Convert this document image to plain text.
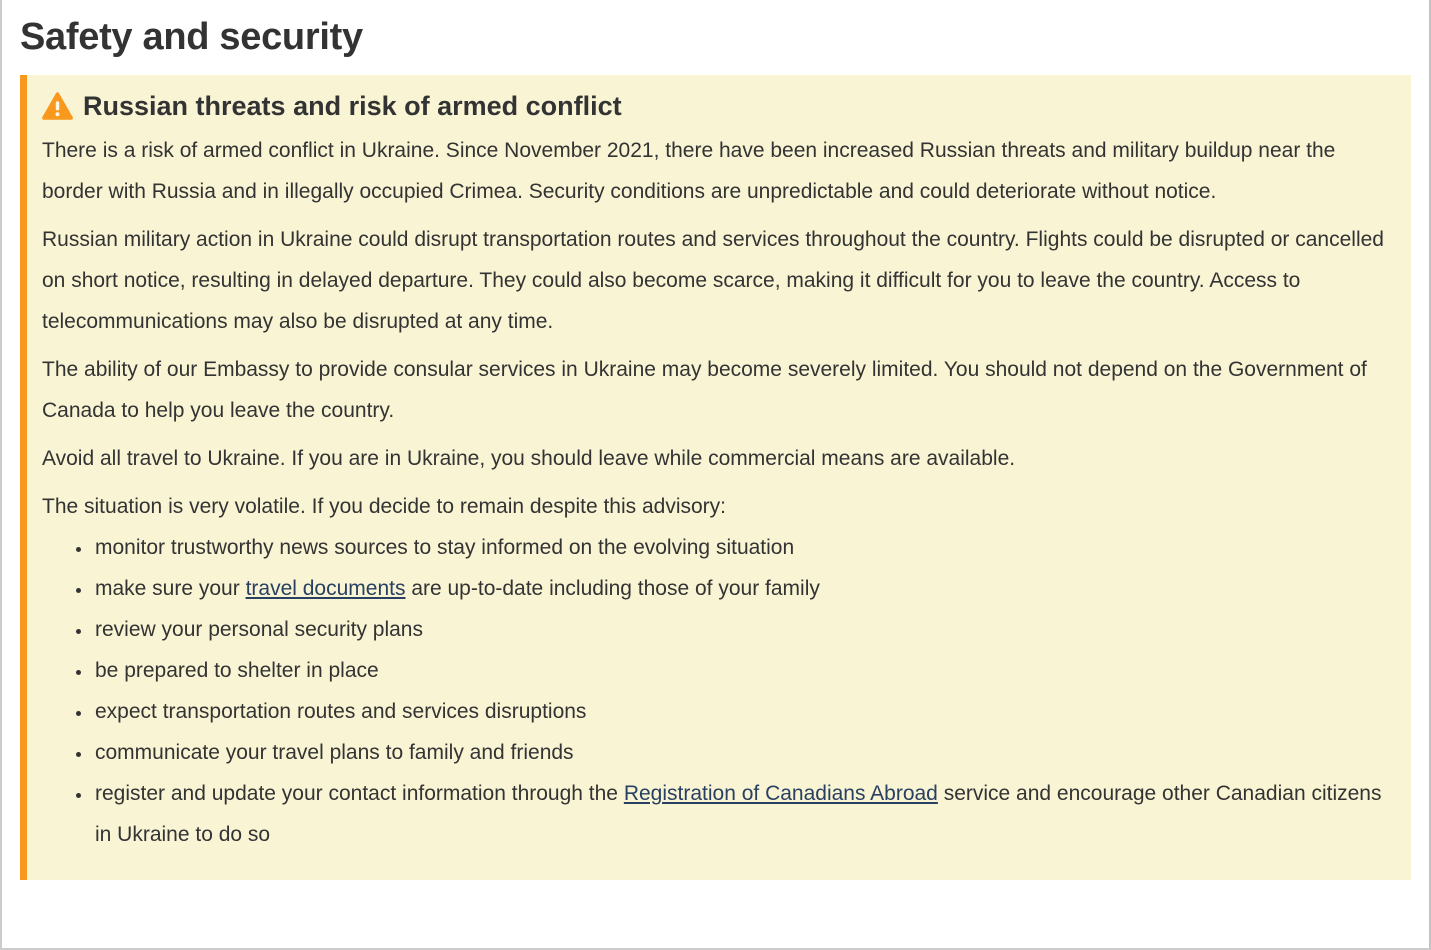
Safety and security
Russian threats and risk of armed conflict

There is a risk of armed conflict in Ukraine. Since November 2021, there have been increased Russian threats and military buildup near the border with Russia and in illegally occupied Crimea. Security conditions are unpredictable and could deteriorate without notice.

Russian military action in Ukraine could disrupt transportation routes and services throughout the country. Flights could be disrupted or cancelled on short notice, resulting in delayed departure. They could also become scarce, making it difficult for you to leave the country. Access to telecommunications may also be disrupted at any time.

The ability of our Embassy to provide consular services in Ukraine may become severely limited. You should not depend on the Government of Canada to help you leave the country.

Avoid all travel to Ukraine. If you are in Ukraine, you should leave while commercial means are available.

The situation is very volatile. If you decide to remain despite this advisory:

• monitor trustworthy news sources to stay informed on the evolving situation
• make sure your travel documents are up-to-date including those of your family
• review your personal security plans
• be prepared to shelter in place
• expect transportation routes and services disruptions
• communicate your travel plans to family and friends
• register and update your contact information through the Registration of Canadians Abroad service and encourage other Canadian citizens in Ukraine to do so
